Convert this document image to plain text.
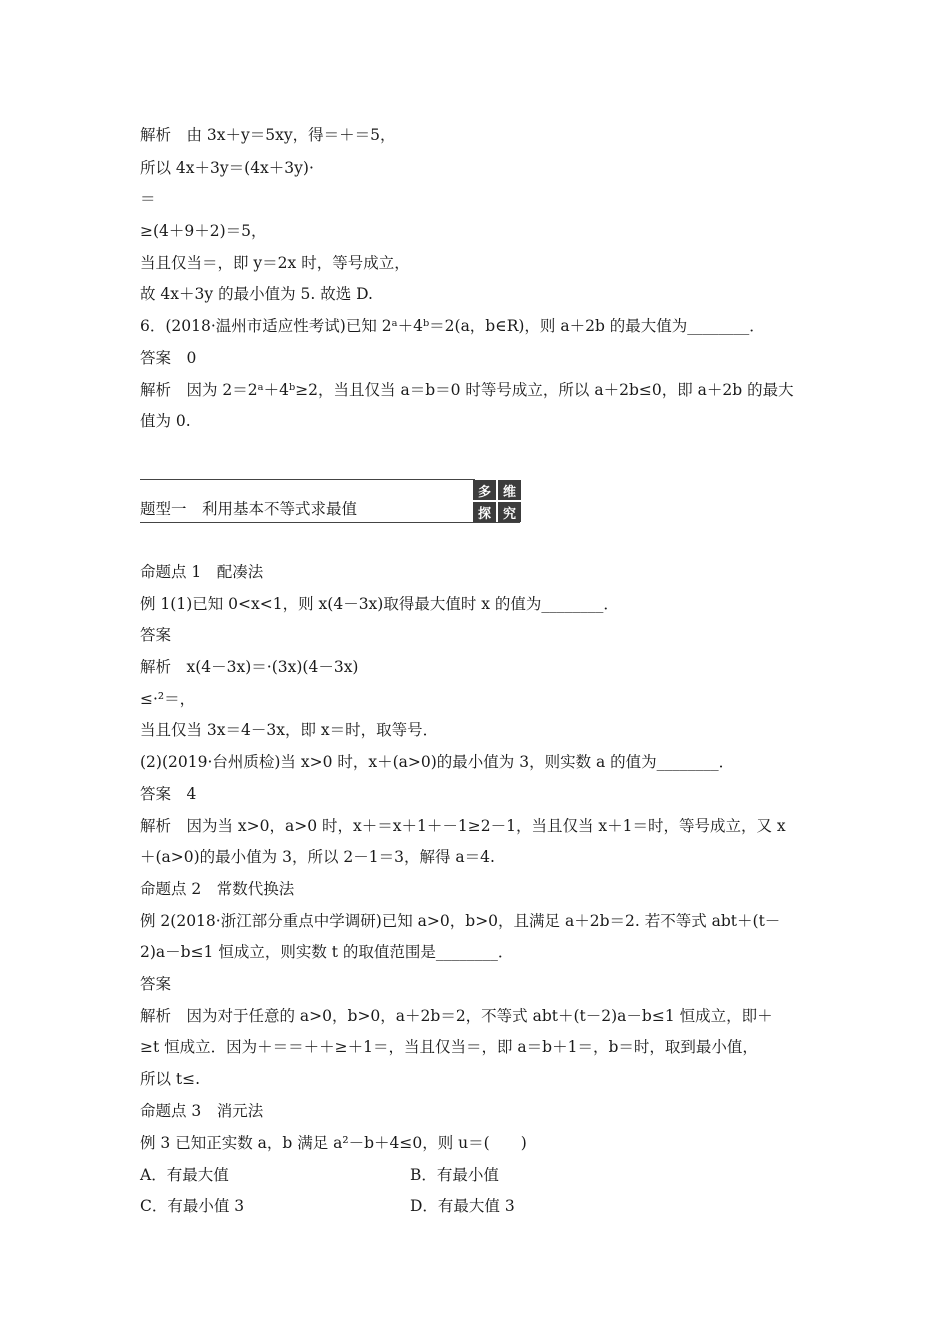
解析　由 3x＋y＝5xy，得＝＋＝5，
所以 4x＋3y＝(4x＋3y)·
＝
≥(4＋9＋2)＝5，
当且仅当＝，即 y＝2x 时，等号成立，
故 4x＋3y 的最小值为 5. 故选 D.
6．(2018·温州市适应性考试)已知 2ᵃ＋4ᵇ＝2(a，b∈R)，则 a＋2b 的最大值为________．
答案　0
解析　因为 2＝2ᵃ＋4ᵇ≥2，当且仅当 a＝b＝0 时等号成立，所以 a＋2b≤0，即 a＋2b 的最大
值为 0.
题型一　利用基本不等式求最值
多 维
探 究
命题点 1　配凑法
例 1(1)已知 0<x<1，则 x(4－3x)取得最大值时 x 的值为________．
答案
解析　x(4－3x)＝·(3x)(4－3x)
≤·²＝，
当且仅当 3x＝4－3x，即 x＝时，取等号．
(2)(2019·台州质检)当 x>0 时，x＋(a>0)的最小值为 3，则实数 a 的值为________．
答案　4
解析　因为当 x>0，a>0 时，x＋＝x＋1＋－1≥2－1，当且仅当 x＋1＝时，等号成立，又 x
＋(a>0)的最小值为 3，所以 2－1＝3，解得 a＝4.
命题点 2　常数代换法
例 2(2018·浙江部分重点中学调研)已知 a>0，b>0，且满足 a＋2b＝2. 若不等式 abt＋(t－
2)a－b≤1 恒成立，则实数 t 的取值范围是________．
答案
解析　因为对于任意的 a>0，b>0，a＋2b＝2，不等式 abt＋(t－2)a－b≤1 恒成立，即＋
≥t 恒成立．因为＋＝＝＋＋≥＋1＝，当且仅当＝，即 a＝b＋1＝，b＝时，取到最小值，
所以 t≤.
命题点 3　消元法
例 3 已知正实数 a，b 满足 a²－b＋4≤0，则 u＝(　　)
A．有最大值	B．有最小值
C．有最小值 3	D．有最大值 3
